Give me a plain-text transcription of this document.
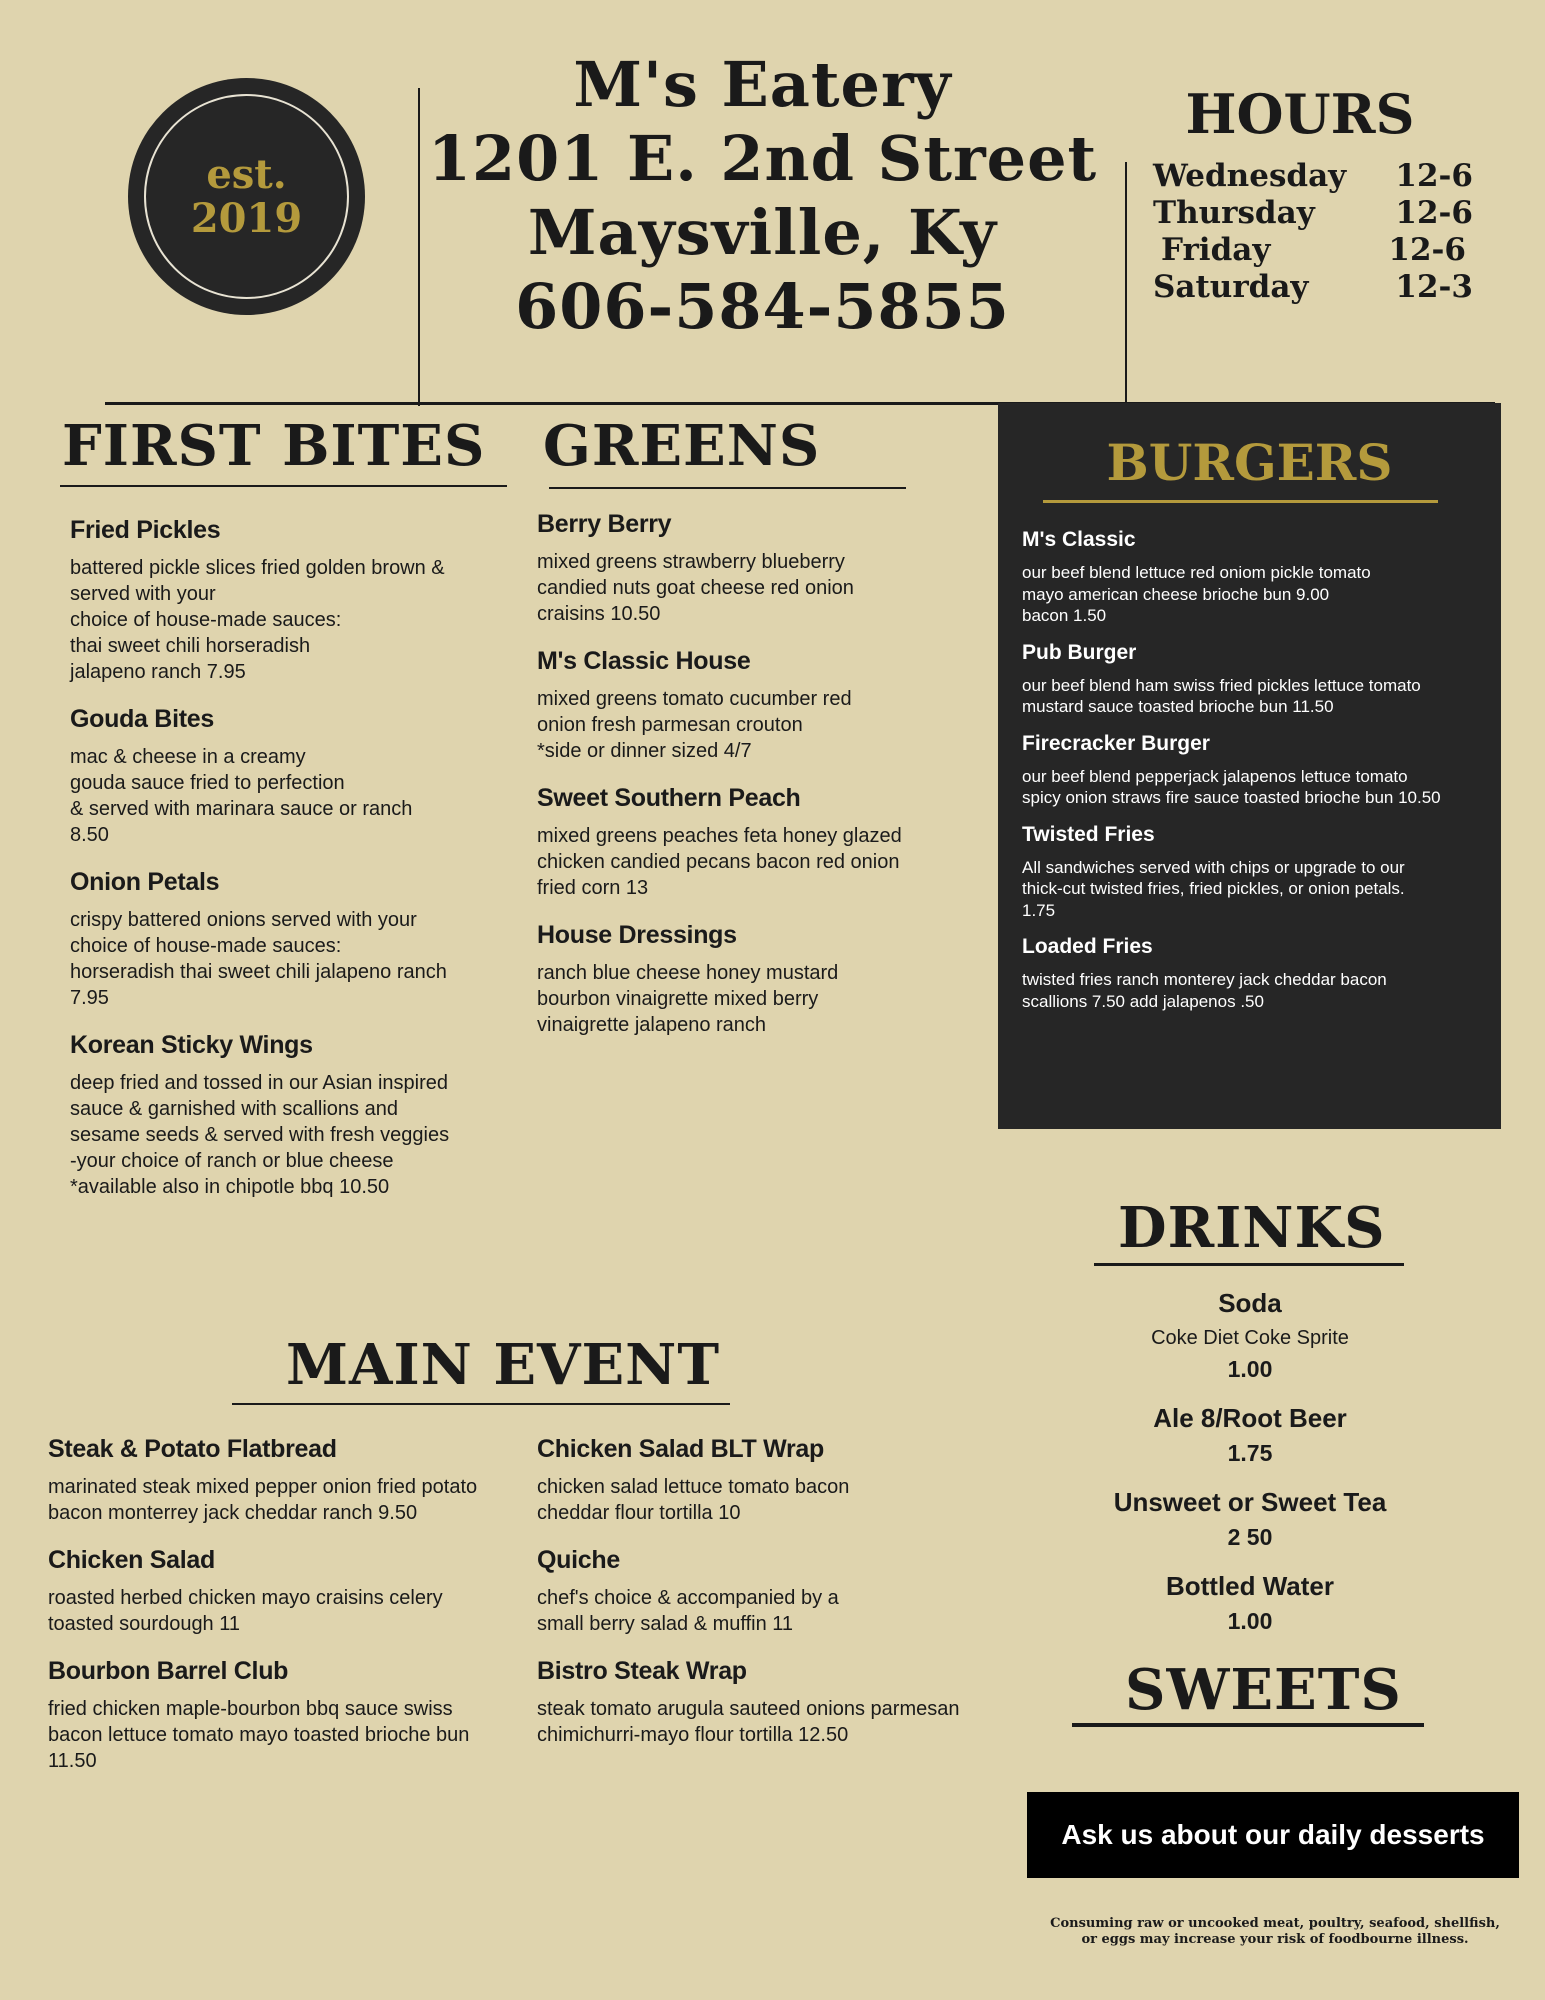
est.
2019
M's Eatery
1201 E. 2nd Street
Maysville, Ky
606-584-5855
HOURS
Wednesday 12-6
Thursday	12-6
Friday	12-6
Saturday	12-3
FIRST BITES

Fried Pickles

battered pickle slices fried golden brown &
served with your
choice of house-made sauces:
thai sweet chili horseradish
jalapeno ranch 7.95

Gouda Bites

mac & cheese in a creamy
gouda sauce fried to perfection
& served with marinara sauce or ranch
8.50

Onion Petals

crispy battered onions served with your
choice of house-made sauces:
horseradish thai sweet chili jalapeno ranch
7.95

Korean Sticky Wings

deep fried and tossed in our Asian inspired
sauce & garnished with scallions and
sesame seeds & served with fresh veggies
-your choice of ranch or blue cheese
*available also in chipotle bbq 10.50

GREENS

Berry Berry

mixed greens strawberry blueberry
candied nuts goat cheese red onion
craisins 10.50

M's Classic House

mixed greens tomato cucumber red
onion fresh parmesan crouton
*side or dinner sized 4/7

Sweet Southern Peach

mixed greens peaches feta honey glazed
chicken candied pecans bacon red onion
fried corn 13

House Dressings

ranch blue cheese honey mustard
bourbon vinaigrette mixed berry
vinaigrette jalapeno ranch

BURGERS

M's Classic

our beef blend lettuce red oniom pickle tomato
mayo american cheese brioche bun 9.00
bacon 1.50

Pub Burger

our beef blend ham swiss fried pickles lettuce tomato
mustard sauce toasted brioche bun 11.50

Firecracker Burger

our beef blend pepperjack jalapenos lettuce tomato
spicy onion straws fire sauce toasted brioche bun 10.50

Twisted Fries

All sandwiches served with chips or upgrade to our
thick-cut twisted fries, fried pickles, or onion petals.
1.75

Loaded Fries

twisted fries ranch monterey jack cheddar bacon
scallions 7.50 add jalapenos .50

MAIN EVENT

Steak & Potato Flatbread

marinated steak mixed pepper onion fried potato
bacon monterrey jack cheddar ranch 9.50

Chicken Salad

roasted herbed chicken mayo craisins celery
toasted sourdough 11

Bourbon Barrel Club

fried chicken maple-bourbon bbq sauce swiss
bacon lettuce tomato mayo toasted brioche bun
11.50

Chicken Salad BLT Wrap

chicken salad lettuce tomato bacon
cheddar flour tortilla 10

Quiche

chef's choice & accompanied by a
small berry salad & muffin 11

Bistro Steak Wrap

steak tomato arugula sauteed onions parmesan
chimichurri-mayo flour tortilla 12.50

DRINKS

Soda

Coke Diet Coke Sprite

1.00

Ale 8/Root Beer

1.75

Unsweet or Sweet Tea

2 50

Bottled Water

1.00

SWEETS
Ask us about our daily desserts
Consuming raw or uncooked meat, poultry, seafood, shellfish,
or eggs may increase your risk of foodbourne illness.
